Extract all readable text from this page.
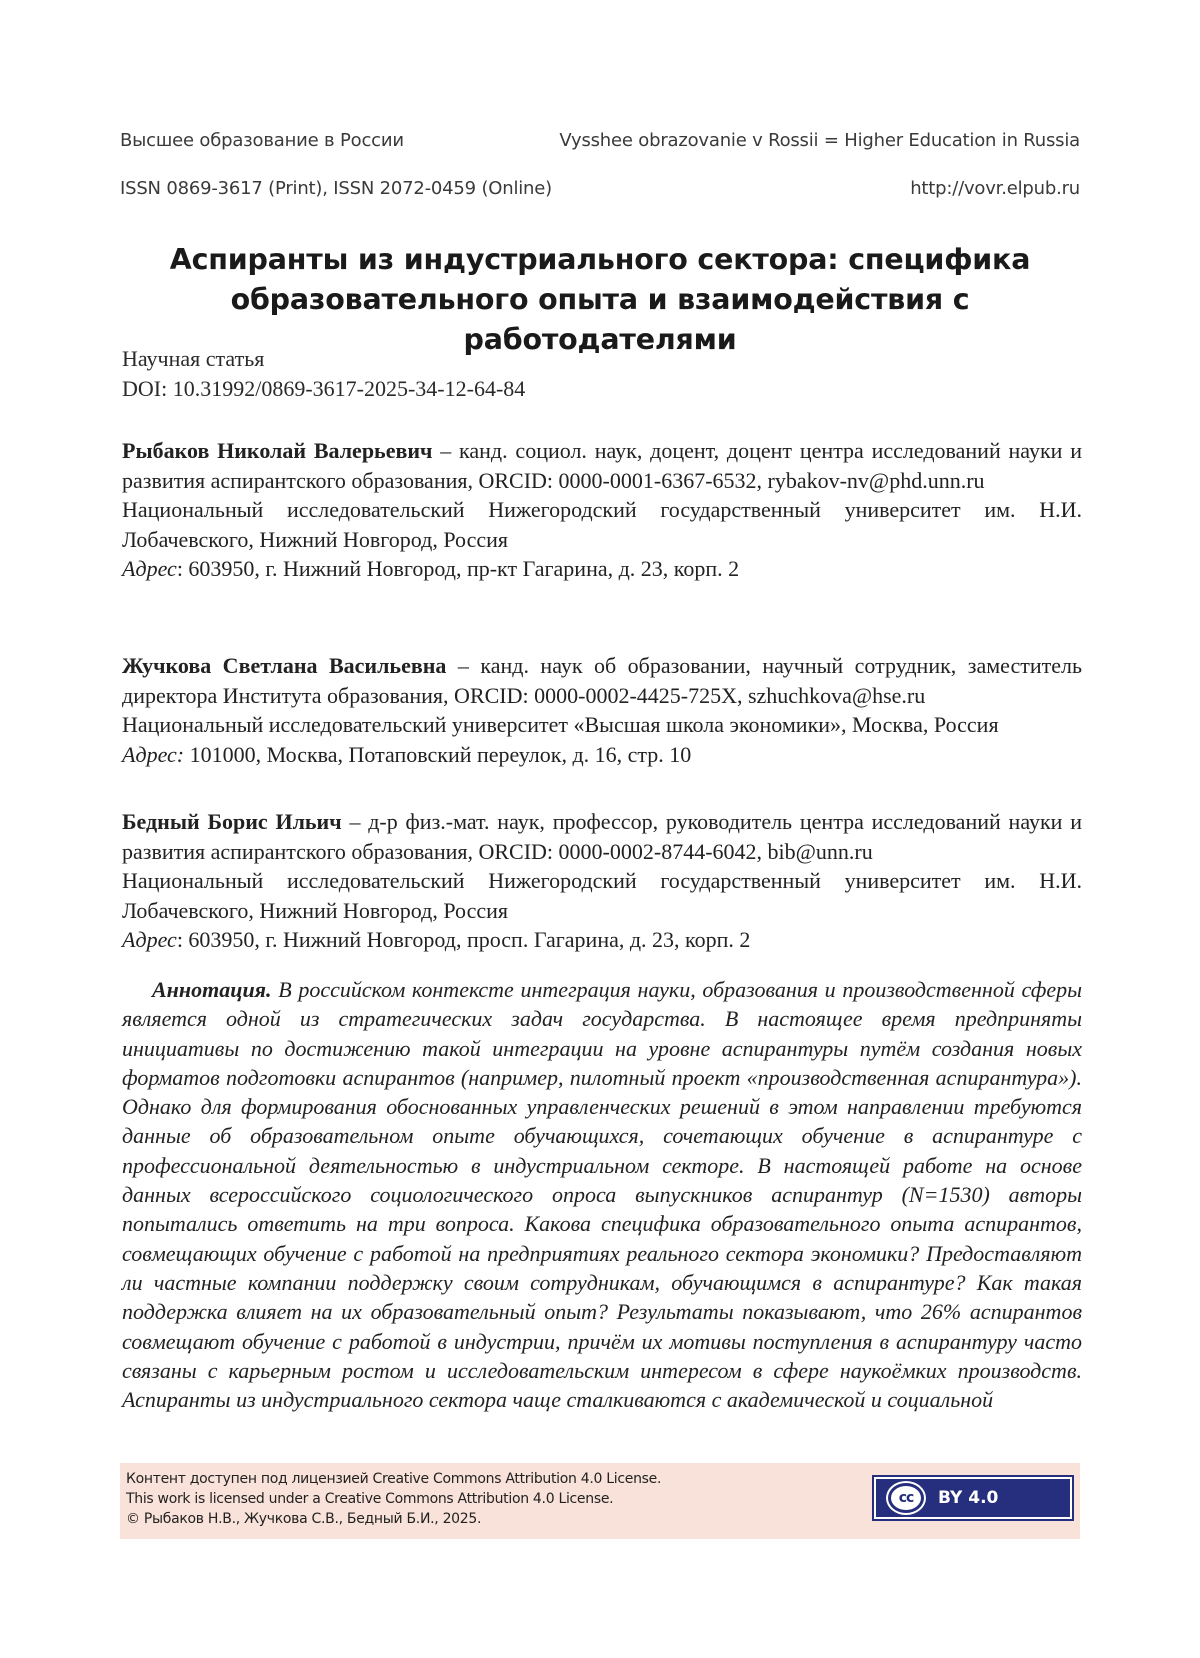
Высшее образование в России	Vysshee obrazovanie v Rossii = Higher Education in Russia
ISSN 0869-3617 (Print), ISSN 2072-0459 (Online)	http://vovr.elpub.ru
Аспиранты из индустриального сектора: специфика
образовательного опыта и взаимодействия с работодателями
Научная статья
DOI: 10.31992/0869-3617-2025-34-12-64-84

Рыбаков Николай Валерьевич – канд. социол. наук, доцент, доцент центра исследований науки и развития аспирантского образования, ORCID: 0000-0001-6367-6532, rybakov-nv@phd.unn.ru

Национальный исследовательский Нижегородский государственный университет им. Н.И. Лобачевского, Нижний Новгород, Россия

Адрес: 603950, г. Нижний Новгород, пр-кт Гагарина, д. 23, корп. 2

Жучкова Светлана Васильевна – канд. наук об образовании, научный сотрудник, заместитель директора Института образования, ORCID: 0000-0002-4425-725X, szhuchkova@hse.ru

Национальный исследовательский университет «Высшая школа экономики», Москва, Россия

Адрес: 101000, Москва, Потаповский переулок, д. 16, стр. 10

Бедный Борис Ильич – д-р физ.-мат. наук, профессор, руководитель центра исследований науки и развития аспирантского образования, ORCID: 0000-0002-8744-6042, bib@unn.ru

Национальный исследовательский Нижегородский государственный университет им. Н.И. Лобачевского, Нижний Новгород, Россия

Адрес: 603950, г. Нижний Новгород, просп. Гагарина, д. 23, корп. 2

Аннотация. В российском контексте интеграция науки, образования и производственной сферы является одной из стратегических задач государства. В настоящее время предприняты инициативы по достижению такой интеграции на уровне аспирантуры путём создания новых форматов подготовки аспирантов (например, пилотный проект «производственная аспирантура»). Однако для формирования обоснованных управленческих решений в этом направлении требуются данные об образовательном опыте обучающихся, сочетающих обучение в аспирантуре с профессиональной деятельностью в индустриальном секторе. В настоящей работе на основе данных всероссийского социологического опроса выпускников аспирантур (N=1530) авторы попытались ответить на три вопроса. Какова специфика образовательного опыта аспирантов, совмещающих обучение с работой на предприятиях реального сектора экономики? Предоставляют ли частные компании поддержку своим сотрудникам, обучающимся в аспирантуре? Как такая поддержка влияет на их образовательный опыт? Результаты показывают, что 26% аспирантов совмещают обучение с работой в индустрии, причём их мотивы поступления в аспирантуру часто связаны с карьерным ростом и исследовательским интересом в сфере наукоёмких производств. Аспиранты из индустриального сектора чаще сталкиваются с академической и социальной

Контент доступен под лицензией Creative Commons Attribution 4.0 License.
This work is licensed under a Creative Commons Attribution 4.0 License.
© Рыбаков Н.В., Жучкова С.В., Бедный Б.И., 2025.
cc	BY 4.0
